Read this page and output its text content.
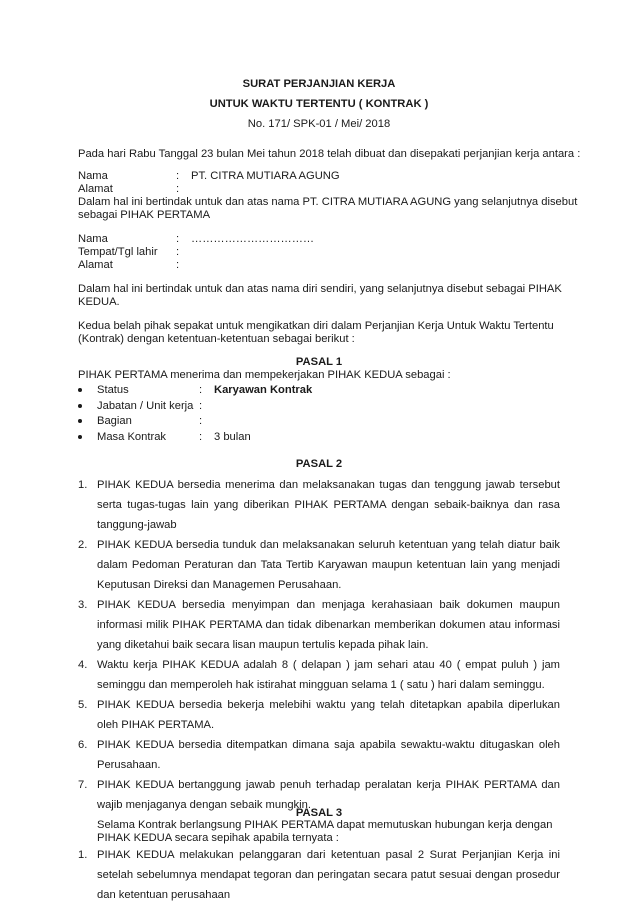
SURAT PERJANJIAN KERJA
UNTUK WAKTU TERTENTU ( KONTRAK )
No. 171/ SPK-01 / Mei/ 2018
Pada hari Rabu Tanggal 23 bulan Mei tahun 2018 telah dibuat dan disepakati perjanjian kerja antara :
Nama	: PT. CITRA MUTIARA AGUNG
Alamat	:
Dalam hal ini bertindak untuk dan atas nama PT. CITRA MUTIARA AGUNG yang selanjutnya disebut
sebagai PIHAK PERTAMA
Nama	: ……………………………
Tempat/Tgl lahir :
Alamat	:
Dalam hal ini bertindak untuk dan atas nama diri sendiri, yang selanjutnya disebut sebagai PIHAK
KEDUA.
Kedua belah pihak sepakat untuk mengikatkan diri dalam Perjanjian Kerja Untuk Waktu Tertentu
(Kontrak) dengan ketentuan-ketentuan sebagai berikut :
PASAL 1
PIHAK PERTAMA menerima dan mempekerjakan PIHAK KEDUA sebagai :
Status	: Karyawan Kontrak
Jabatan / Unit kerja :
Bagian	:
Masa Kontrak	: 3 bulan
PASAL 2
1. PIHAK KEDUA bersedia menerima dan melaksanakan tugas dan tenggung jawab tersebut serta tugas-tugas lain yang diberikan PIHAK PERTAMA dengan sebaik-baiknya dan rasa tanggung-jawab
2. PIHAK KEDUA bersedia tunduk dan melaksanakan seluruh ketentuan yang telah diatur baik dalam Pedoman Peraturan dan Tata Tertib Karyawan maupun ketentuan lain yang menjadi Keputusan Direksi dan Managemen Perusahaan.
3. PIHAK KEDUA bersedia menyimpan dan menjaga kerahasiaan baik dokumen maupun informasi milik PIHAK PERTAMA dan tidak dibenarkan memberikan dokumen atau informasi yang diketahui baik secara lisan maupun tertulis kepada pihak lain.
4. Waktu kerja PIHAK KEDUA adalah 8 ( delapan ) jam sehari atau 40 ( empat puluh ) jam seminggu dan memperoleh hak istirahat mingguan selama 1 ( satu ) hari dalam seminggu.
5. PIHAK KEDUA bersedia bekerja melebihi waktu yang telah ditetapkan apabila diperlukan oleh PIHAK PERTAMA.
6. PIHAK KEDUA bersedia ditempatkan dimana saja apabila sewaktu-waktu ditugaskan oleh Perusahaan.
7. PIHAK KEDUA bertanggung jawab penuh terhadap peralatan kerja PIHAK PERTAMA dan wajib menjaganya dengan sebaik mungkin.
PASAL 3
Selama Kontrak berlangsung PIHAK PERTAMA dapat memutuskan hubungan kerja dengan
PIHAK KEDUA secara sepihak apabila ternyata :
1. PIHAK KEDUA melakukan pelanggaran dari ketentuan pasal 2 Surat Perjanjian Kerja ini setelah sebelumnya mendapat tegoran dan peringatan secara patut sesuai dengan prosedur dan ketentuan perusahaan
